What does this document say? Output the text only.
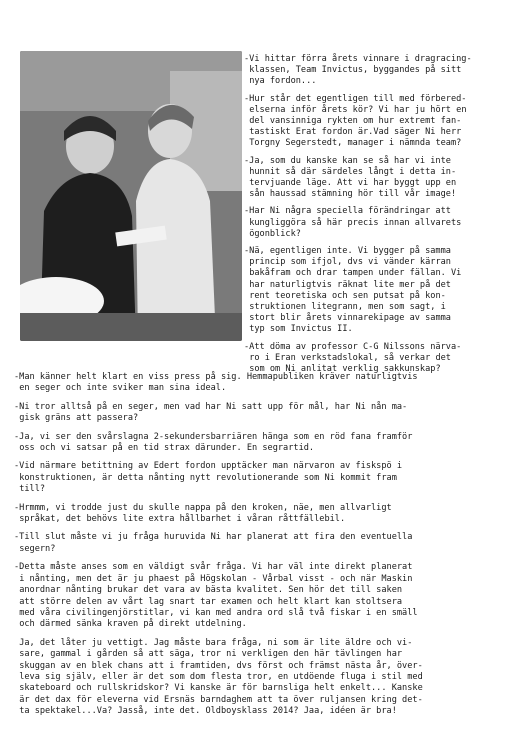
-Vi hittar förra årets vinnare i dragracing-
klassen, Team Invictus, byggandes på sitt
nya fordon...

-Hur står det egentligen till med förbered-
elserna inför årets kör? Vi har ju hört en
del vansinniga rykten om hur extremt fan-
tastiskt Erat fordon är.Vad säger Ni herr
Torgny Segerstedt, manager i nämnda team?

-Ja, som du kanske kan se så har vi inte
hunnit så där särdeles långt i detta in-
tervjuande läge. Att vi har byggt upp en
sån haussad stämning hör till vår image!

-Har Ni några speciella förändringar att
kungliggöra så här precis innan allvarets
ögonblick?

-Nä, egentligen inte. Vi bygger på samma
princip som ifjol, dvs vi vänder kärran
bakåfram och drar tampen under fällan. Vi
har naturligtvis räknat lite mer på det
rent teoretiska och sen putsat på kon-
struktionen litegrann, men som sagt, i
stort blir årets vinnarekipage av samma
typ som Invictus II.

-Att döma av professor C-G Nilssons närva-
ro i Eran verkstadslokal, så verkar det
som om Ni anlitat verklig sakkunskap?

-Man känner helt klart en viss press på sig. Hemmapubliken kräver naturligtvis
en seger och inte sviker man sina ideal.

-Ni tror alltså på en seger, men vad har Ni satt upp för mål, har Ni nån ma-
gisk gräns att passera?

-Ja, vi ser den svårslagna 2-sekundersbarriären hänga som en röd fana framför
oss och vi satsar på en tid strax därunder. En segrartid.

-Vid närmare betittning av Edert fordon upptäcker man närvaron av fiskspö i
konstruktionen, är detta nånting nytt revolutionerande som Ni kommit fram
till?

-Hrmmm, vi trodde just du skulle nappa på den kroken, näe, men allvarligt
språkat, det behövs lite extra hållbarhet i våran råttfällebil.

-Till slut måste vi ju fråga huruvida Ni har planerat att fira den eventuella
segern?

-Detta måste anses som en väldigt svår fråga. Vi har väl inte direkt planerat
i nånting, men det är ju phaest på Högskolan - Vårbal visst - och när Maskin
anordnar nånting brukar det vara av bästa kvalitet. Sen hör det till saken
att större delen av vårt lag snart tar examen och helt klart kan stoltsera
med våra civilingenjörstitlar, vi kan med andra ord slå två fiskar i en smäll
och därmed sänka kraven på direkt utdelning.

Ja, det låter ju vettigt. Jag måste bara fråga, ni som är lite äldre och vi-
sare, gammal i gården så att säga, tror ni verkligen den här tävlingen har
skuggan av en blek chans att i framtiden, dvs först och främst nästa år, över-
leva sig själv, eller är det som dom flesta tror, en utdöende fluga i stil med
skateboard och rullskridskor? Vi kanske är för barnsliga helt enkelt... Kanske
är det dax för eleverna vid Ersnäs barndaghem att ta över ruljansen kring det-
ta spektakel...Va? Jasså, inte det. Oldboysklass 2014? Jaa, idéen är bra!
